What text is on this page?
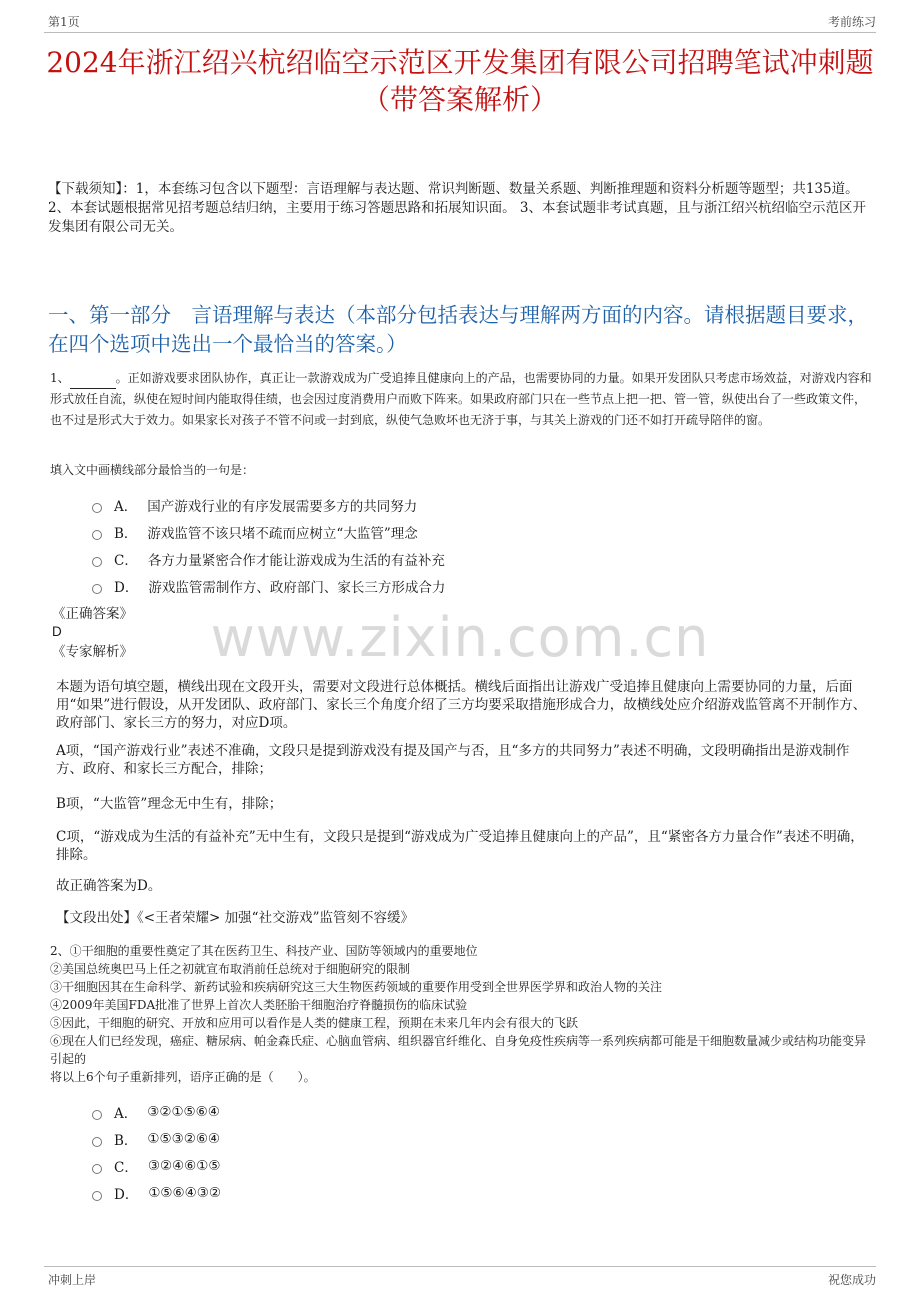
第1页	考前练习
2024年浙江绍兴杭绍临空示范区开发集团有限公司招聘笔试冲刺题（带答案解析）
【下载须知】：1，本套练习包含以下题型：言语理解与表达题、常识判断题、数量关系题、判断推理题和资料分析题等题型；共135道。 2、本套试题根据常见招考题总结归纳，主要用于练习答题思路和拓展知识面。 3、本套试题非考试真题，且与浙江绍兴杭绍临空示范区开发集团有限公司无关。
一、第一部分　言语理解与表达（本部分包括表达与理解两方面的内容。请根据题目要求，在四个选项中选出一个最恰当的答案。）
1、	。正如游戏要求团队协作，真正让一款游戏成为广受追捧且健康向上的产品，也需要协同的力量。如果开发团队只考虑市场效益，对游戏内容和形式放任自流，纵使在短时间内能取得佳绩，也会因过度消费用户而败下阵来。如果政府部门只在一些节点上把一把、管一管，纵使出台了一些政策文件，也不过是形式大于效力。如果家长对孩子不管不问或一封到底，纵使气急败坏也无济于事，与其关上游戏的门还不如打开疏导陪伴的窗。
填入文中画横线部分最恰当的一句是：
A． 国产游戏行业的有序发展需要多方的共同努力
B． 游戏监管不该只堵不疏而应树立“大监管”理念
C． 各方力量紧密合作才能让游戏成为生活的有益补充
D． 游戏监管需制作方、政府部门、家长三方形成合力
《正确答案》
D
《专家解析》
本题为语句填空题，横线出现在文段开头，需要对文段进行总体概括。横线后面指出让游戏广受追捧且健康向上需要协同的力量，后面用“如果”进行假设，从开发团队、政府部门、家长三个角度介绍了三方均要采取措施形成合力，故横线处应介绍游戏监管离不开制作方、政府部门、家长三方的努力，对应D项。
A项，“国产游戏行业”表述不准确，文段只是提到游戏没有提及国产与否，且“多方的共同努力”表述不明确，文段明确指出是游戏制作方、政府、和家长三方配合，排除；
B项，“大监管”理念无中生有，排除；
C项，“游戏成为生活的有益补充”无中生有，文段只是提到“游戏成为广受追捧且健康向上的产品”，且“紧密各方力量合作”表述不明确，排除。
故正确答案为D。
【文段出处】《<王者荣耀> 加强“社交游戏”监管刻不容缓》
www.zixin.com.cn
2、①干细胞的重要性奠定了其在医药卫生、科技产业、国防等领域内的重要地位
②美国总统奥巴马上任之初就宣布取消前任总统对于细胞研究的限制
③干细胞因其在生命科学、新药试验和疾病研究这三大生物医药领域的重要作用受到全世界医学界和政治人物的关注
④2009年美国FDA批准了世界上首次人类胚胎干细胞治疗脊髓损伤的临床试验
⑤因此，干细胞的研究、开放和应用可以看作是人类的健康工程，预期在未来几年内会有很大的飞跃
⑥现在人们已经发现，癌症、糖尿病、帕金森氏症、心脑血管病、组织器官纤维化、自身免疫性疾病等一系列疾病都可能是干细胞数量减少或结构功能变异引起的
将以上6个句子重新排列，语序正确的是（　　）。
A． ③②①⑤⑥④
B． ①⑤③②⑥④
C． ③②④⑥①⑤
D． ①⑤⑥④③②
冲刺上岸	祝您成功
